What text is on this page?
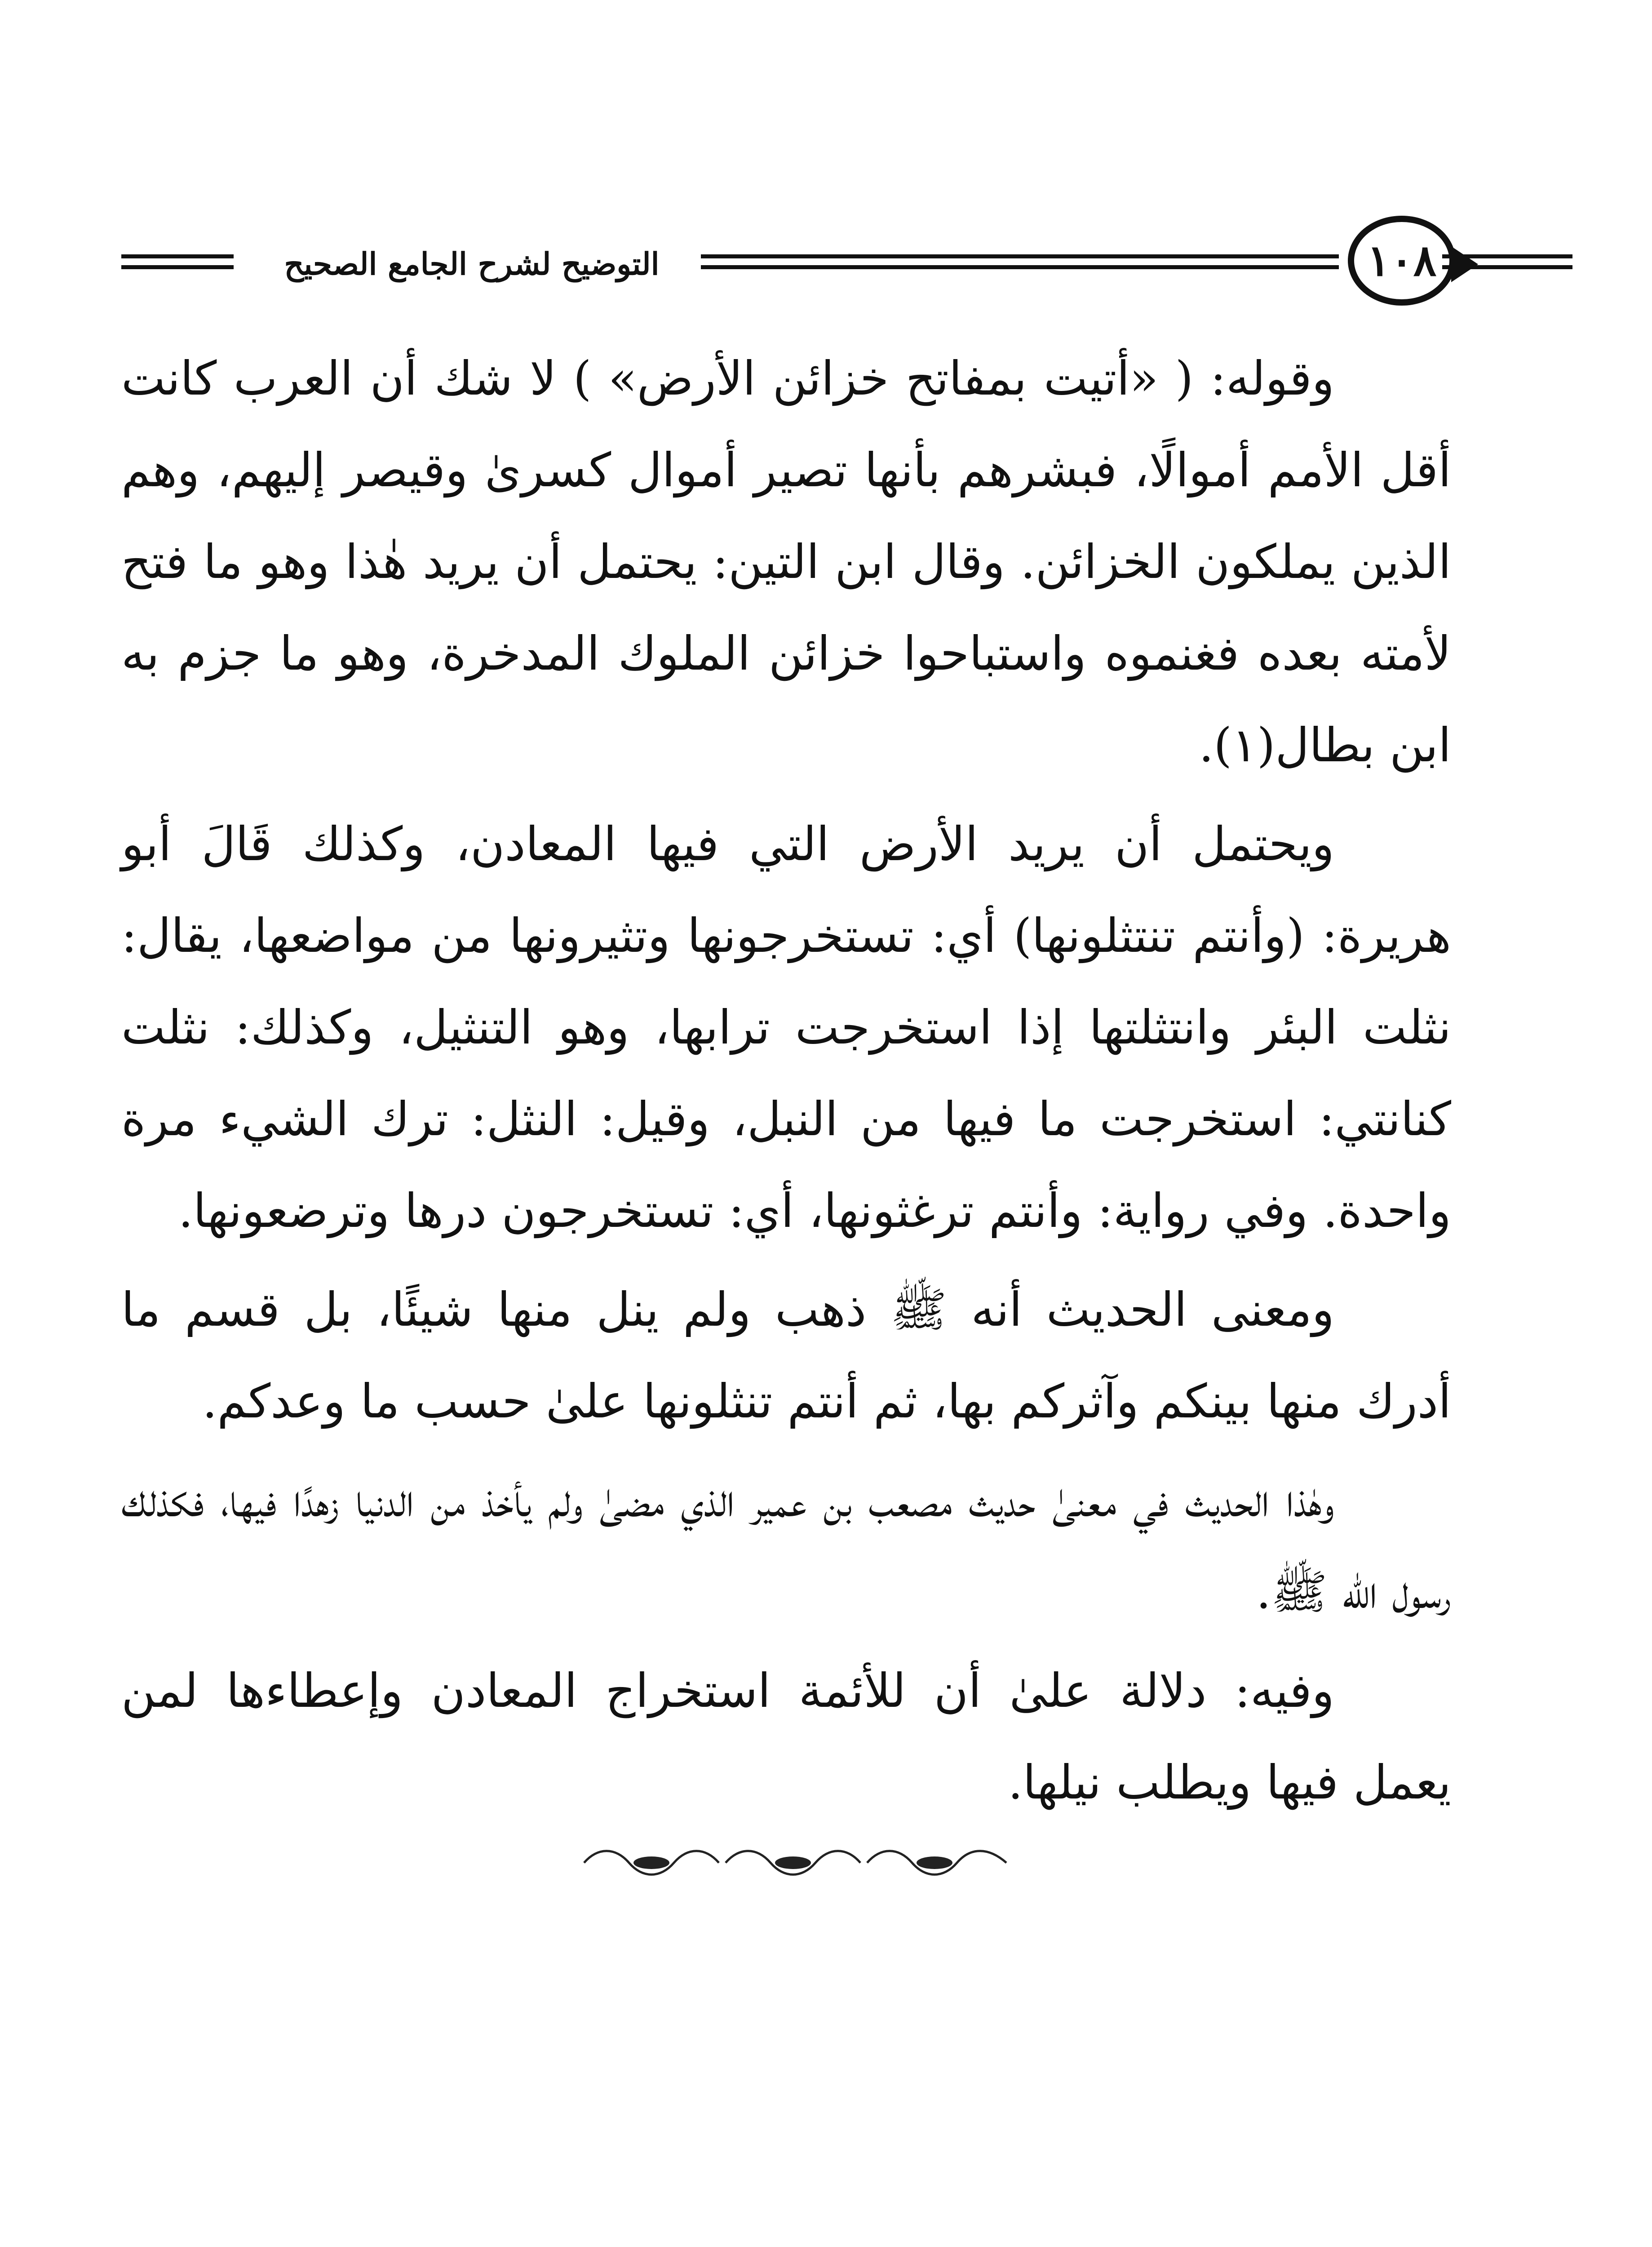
التوضيح لشرح الجامع الصحيح	١٠٨

وقوله: ( «أتيت بمفاتح خزائن الأرض» ) لا شك أن العرب كانت أقل الأمم أموالًا، فبشرهم بأنها تصير أموال كسرىٰ وقيصر إليهم، وهم الذين يملكون الخزائن. وقال ابن التين: يحتمل أن يريد هٰذا وهو ما فتح لأمته بعده فغنموه واستباحوا خزائن الملوك المدخرة، وهو ما جزم به ابن بطال(١).

ويحتمل أن يريد الأرض التي فيها المعادن، وكذلك قَالَ أبو هريرة: (وأنتم تنتثلونها) أي: تستخرجونها وتثيرونها من مواضعها، يقال: نثلت البئر وانتثلتها إذا استخرجت ترابها، وهو التنثيل، وكذلك: نثلت كنانتي: استخرجت ما فيها من النبل، وقيل: النثل: ترك الشيء مرة واحدة. وفي رواية: وأنتم ترغثونها، أي: تستخرجون درها وترضعونها.

ومعنى الحديث أنه ﷺ ذهب ولم ينل منها شيئًا، بل قسم ما أدرك منها بينكم وآثركم بها، ثم أنتم تنثلونها علىٰ حسب ما وعدكم.

وهٰذا الحديث في معنىٰ حديث مصعب بن عمير الذي مضىٰ ولم يأخذ من الدنيا زهدًا فيها، فكذلك رسول الله ﷺ.

وفيه: دلالة علىٰ أن للأئمة استخراج المعادن وإعطاءها لمن يعمل فيها ويطلب نيلها.
